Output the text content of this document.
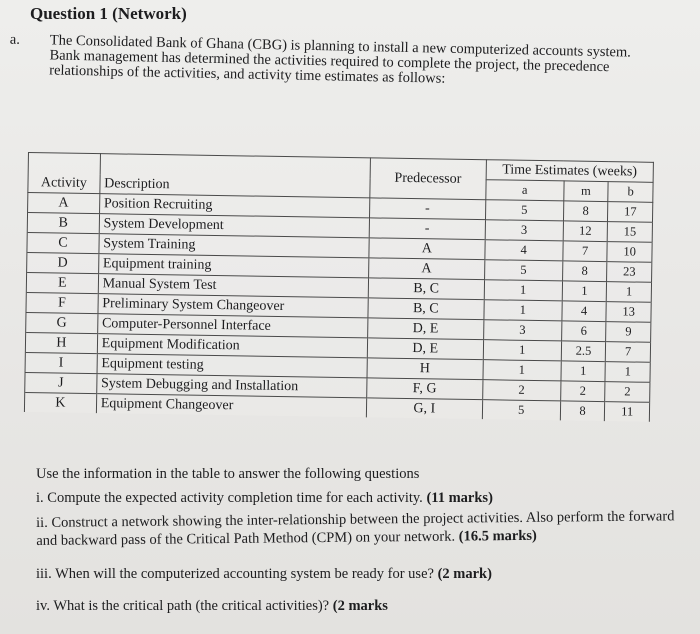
Question 1 (Network)

a. The Consolidated Bank of Ghana (CBG) is planning to install a new computerized accounts system. Bank management has determined the activities required to complete the project, the precedence relationships of the activities, and activity time estimates as follows:

Activity	Description	Predecessor	Time Estimates (weeks)		
			a	m	b
A	Position Recruiting	-	5	8	17
B	System Development	-	3	12	15
C	System Training	A	4	7	10
D	Equipment training	A	5	8	23
E	Manual System Test	B, C	1	1	1
F	Preliminary System Changeover	B, C	1	4	13
G	Computer-Personnel Interface	D, E	3	6	9
H	Equipment Modification	D, E	1	2.5	7
I	Equipment testing	H	1	1	1
J	System Debugging and Installation	F, G	2	2	2
K	Equipment Changeover	G, I	5	8	11
Use the information in the table to answer the following questions
i. Compute the expected activity completion time for each activity. (11 marks)
ii. Construct a network showing the inter-relationship between the project activities. Also perform the forward and backward pass of the Critical Path Method (CPM) on your network. (16.5 marks)
iii. When will the computerized accounting system be ready for use? (2 mark)
iv. What is the critical path (the critical activities)? (2 marks
